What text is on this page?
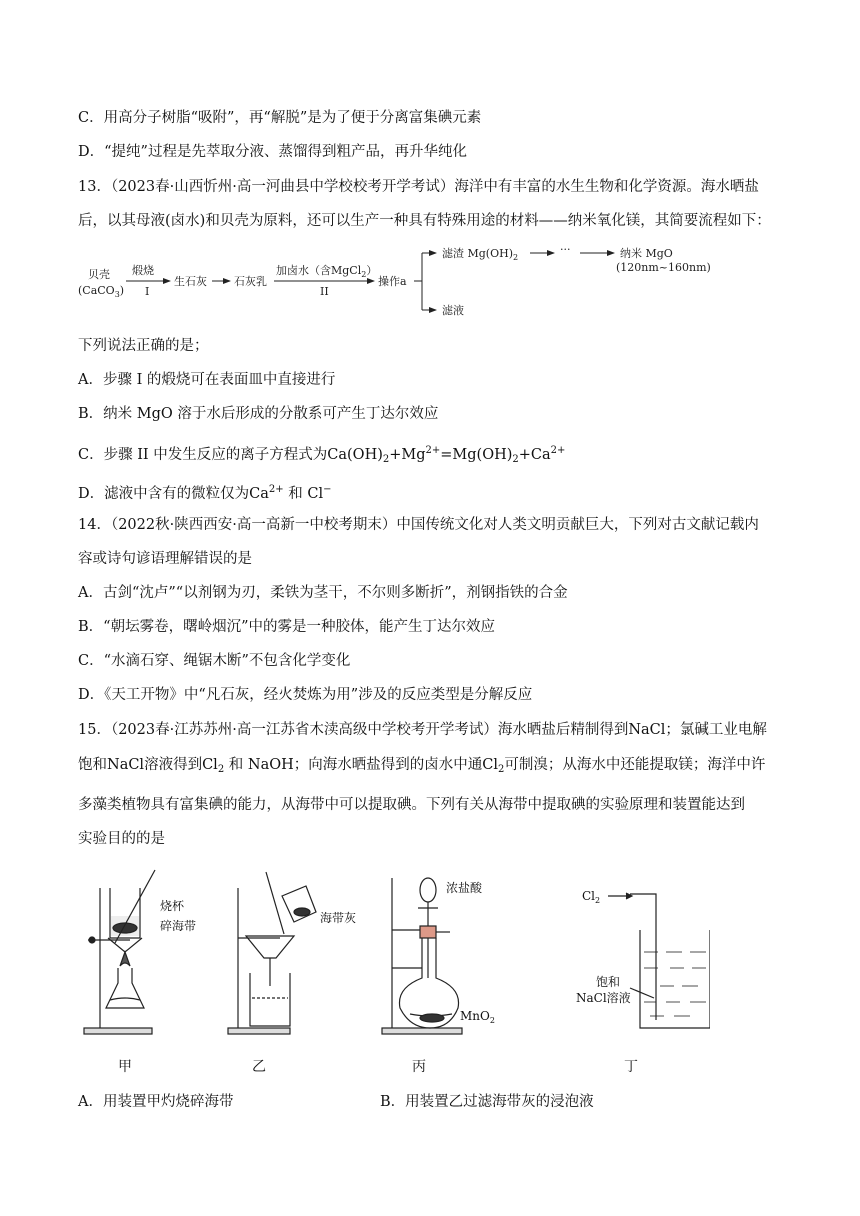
C．用高分子树脂“吸附”，再“解脱”是为了便于分离富集碘元素
D．“提纯”过程是先萃取分液、蒸馏得到粗产品，再升华纯化
13．（2023春·山西忻州·高一河曲县中学校校考开学考试）海洋中有丰富的水生生物和化学资源。海水晒盐
后，以其母液(卤水)和贝壳为原料，还可以生产一种具有特殊用途的材料——纳米氧化镁，其简要流程如下：
贝壳
(CaCO$_3$)
煅烧
I
生石灰 石灰乳
加卤水（含MgCl$_2$）
II
操作a
滤渣 $Mg(OH)_2$
···	纳米 MgO
(120nm~160nm)
滤液
下列说法正确的是；
A．步骤 I 的煅烧可在表面皿中直接进行
B．纳米 MgO 溶于水后形成的分散系可产生丁达尔效应
C．步骤 II 中发生反应的离子方程式为$Ca(OH)_2+Mg^{2+}=Mg(OH)_2+Ca^{2+}$
D．滤液中含有的微粒仅为$Ca^{2+}$ 和 Cl−
14．（2022秋·陕西西安·高一高新一中校考期末）中国传统文化对人类文明贡献巨大，下列对古文献记载内
容或诗句谚语理解错误的是
A．古剑“沈卢”“以剂钢为刃，柔铁为茎干，不尔则多断折”，剂钢指铁的合金
B．“朝坛雾卷，曙岭烟沉”中的雾是一种胶体，能产生丁达尔效应
C．“水滴石穿、绳锯木断”不包含化学变化
D．《天工开物》中“凡石灰，经火焚炼为用”涉及的反应类型是分解反应
15．（2023春·江苏苏州·高一江苏省木渎高级中学校考开学考试）海水晒盐后精制得到NaCl；氯碱工业电解
饱和NaCl溶液得到$Cl_2$ 和 NaOH；向海水晒盐得到的卤水中通$Cl_2$可制溴；从海水中还能提取镁；海洋中许
多藻类植物具有富集碘的能力，从海带中可以提取碘。下列有关从海带中提取碘的实验原理和装置能达到
实验目的的是
烧杯
碎海带
海带灰
浓盐酸
MnO$_2$
$Cl_2$
饱和
NaCl溶液
甲	乙	丙	丁
A．用装置甲灼烧碎海带	B．用装置乙过滤海带灰的浸泡液
